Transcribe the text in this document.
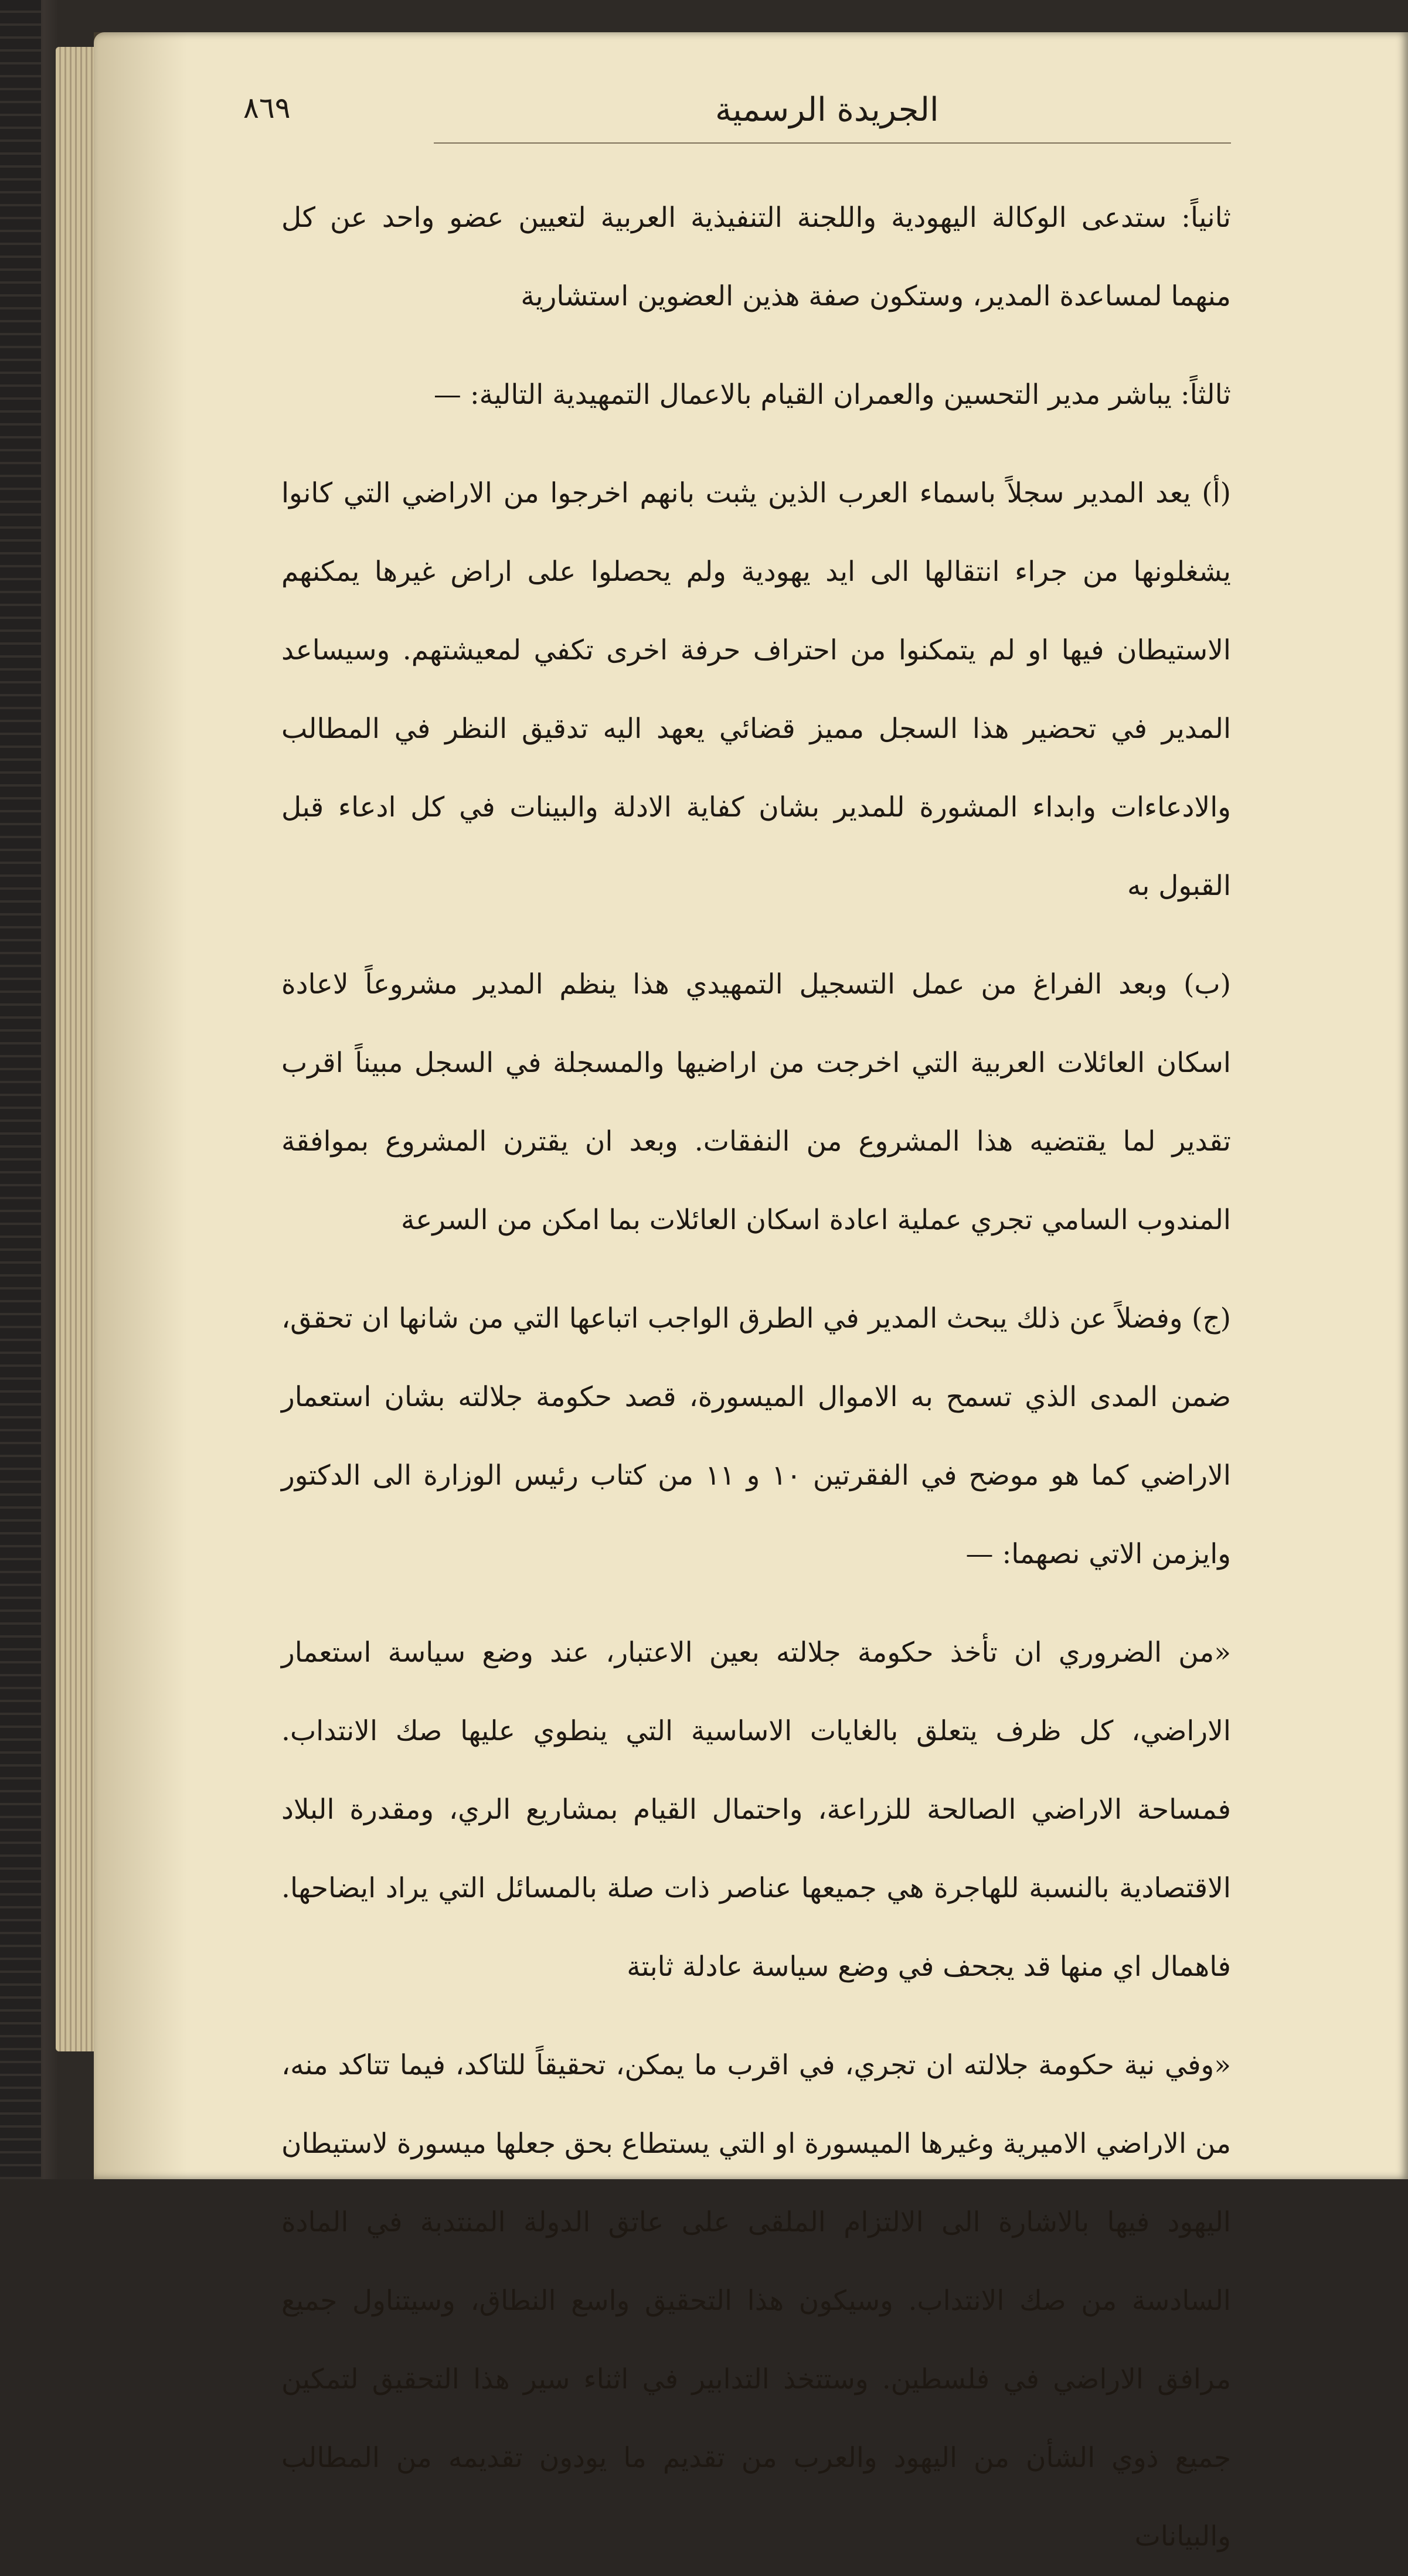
٨٦٩	الجريدة الرسمية

ثانياً: ستدعى الوكالة اليهودية واللجنة التنفيذية العربية لتعيين عضو واحد عن كل منهما لمساعدة المدير، وستكون صفة هذين العضوين استشارية

ثالثاً: يباشر مدير التحسين والعمران القيام بالاعمال التمهيدية التالية: —

(أ) يعد المدير سجلاً باسماء العرب الذين يثبت بانهم اخرجوا من الاراضي التي كانوا يشغلونها من جراء انتقالها الى ايد يهودية ولم يحصلوا على اراض غيرها يمكنهم الاستيطان فيها او لم يتمكنوا من احتراف حرفة اخرى تكفي لمعيشتهم. وسيساعد المدير في تحضير هذا السجل مميز قضائي يعهد اليه تدقيق النظر في المطالب والادعاءات وابداء المشورة للمدير بشان كفاية الادلة والبينات في كل ادعاء قبل القبول به

(ب) وبعد الفراغ من عمل التسجيل التمهيدي هذا ينظم المدير مشروعاً لاعادة اسكان العائلات العربية التي اخرجت من اراضيها والمسجلة في السجل مبيناً اقرب تقدير لما يقتضيه هذا المشروع من النفقات. وبعد ان يقترن المشروع بموافقة المندوب السامي تجري عملية اعادة اسكان العائلات بما امكن من السرعة

(ج) وفضلاً عن ذلك يبحث المدير في الطرق الواجب اتباعها التي من شانها ان تحقق، ضمن المدى الذي تسمح به الاموال الميسورة، قصد حكومة جلالته بشان استعمار الاراضي كما هو موضح في الفقرتين ١٠ و ١١ من كتاب رئيس الوزارة الى الدكتور وايزمن الاتي نصهما: —

«من الضروري ان تأخذ حكومة جلالته بعين الاعتبار، عند وضع سياسة استعمار الاراضي، كل ظرف يتعلق بالغايات الاساسية التي ينطوي عليها صك الانتداب. فمساحة الاراضي الصالحة للزراعة، واحتمال القيام بمشاريع الري، ومقدرة البلاد الاقتصادية بالنسبة للهاجرة هي جميعها عناصر ذات صلة بالمسائل التي يراد ايضاحها. فاهمال اي منها قد يجحف في وضع سياسة عادلة ثابتة

«وفي نية حكومة جلالته ان تجري، في اقرب ما يمكن، تحقيقاً للتاكد، فيما تتاكد منه، من الاراضي الاميرية وغيرها الميسورة او التي يستطاع بحق جعلها ميسورة لاستيطان اليهود فيها بالاشارة الى الالتزام الملقى على عاتق الدولة المنتدبة في المادة السادسة من صك الانتداب. وسيكون هذا التحقيق واسع النطاق، وسيتناول جميع مرافق الاراضي في فلسطين. وستتخذ التدابير في اثناء سير هذا التحقيق لتمكين جميع ذوي الشأن من اليهود والعرب من تقديم ما يودون تقديمه من المطالب والبيانات
